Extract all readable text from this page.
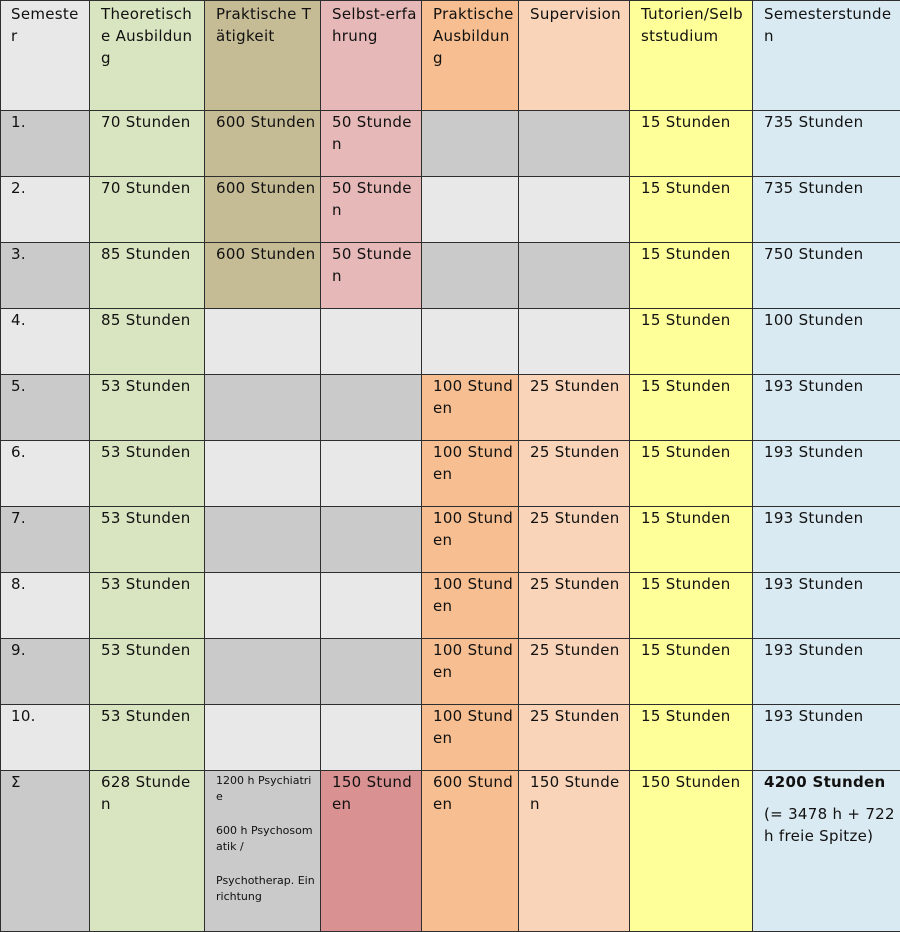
Semester	Theoretische Ausbildung	Praktische Tätigkeit	Selbst-erfahrung	Praktische Ausbildung	Supervision	Tutorien/Selbststudium	Semesterstunden
1.	70 Stunden	600 Stunden	50 Stunden			15 Stunden	735 Stunden
2.	70 Stunden	600 Stunden	50 Stunden			15 Stunden	735 Stunden
3.	85 Stunden	600 Stunden	50 Stunden			15 Stunden	750 Stunden
4.	85 Stunden					15 Stunden	100 Stunden
5.	53 Stunden			100 Stunden	25 Stunden	15 Stunden	193 Stunden
6.	53 Stunden			100 Stunden	25 Stunden	15 Stunden	193 Stunden
7.	53 Stunden			100 Stunden	25 Stunden	15 Stunden	193 Stunden
8.	53 Stunden			100 Stunden	25 Stunden	15 Stunden	193 Stunden
9.	53 Stunden			100 Stunden	25 Stunden	15 Stunden	193 Stunden
10.	53 Stunden			100 Stunden	25 Stunden	15 Stunden	193 Stunden
Σ	628 Stunden	1200 h Psychiatrie
600 h Psychosomatik /
Psychotherap. Einrichtung	150 Stunden	600 Stunden	150 Stunden	150 Stunden	4200 Stunden
(= 3478 h + 722 h freie Spitze)
